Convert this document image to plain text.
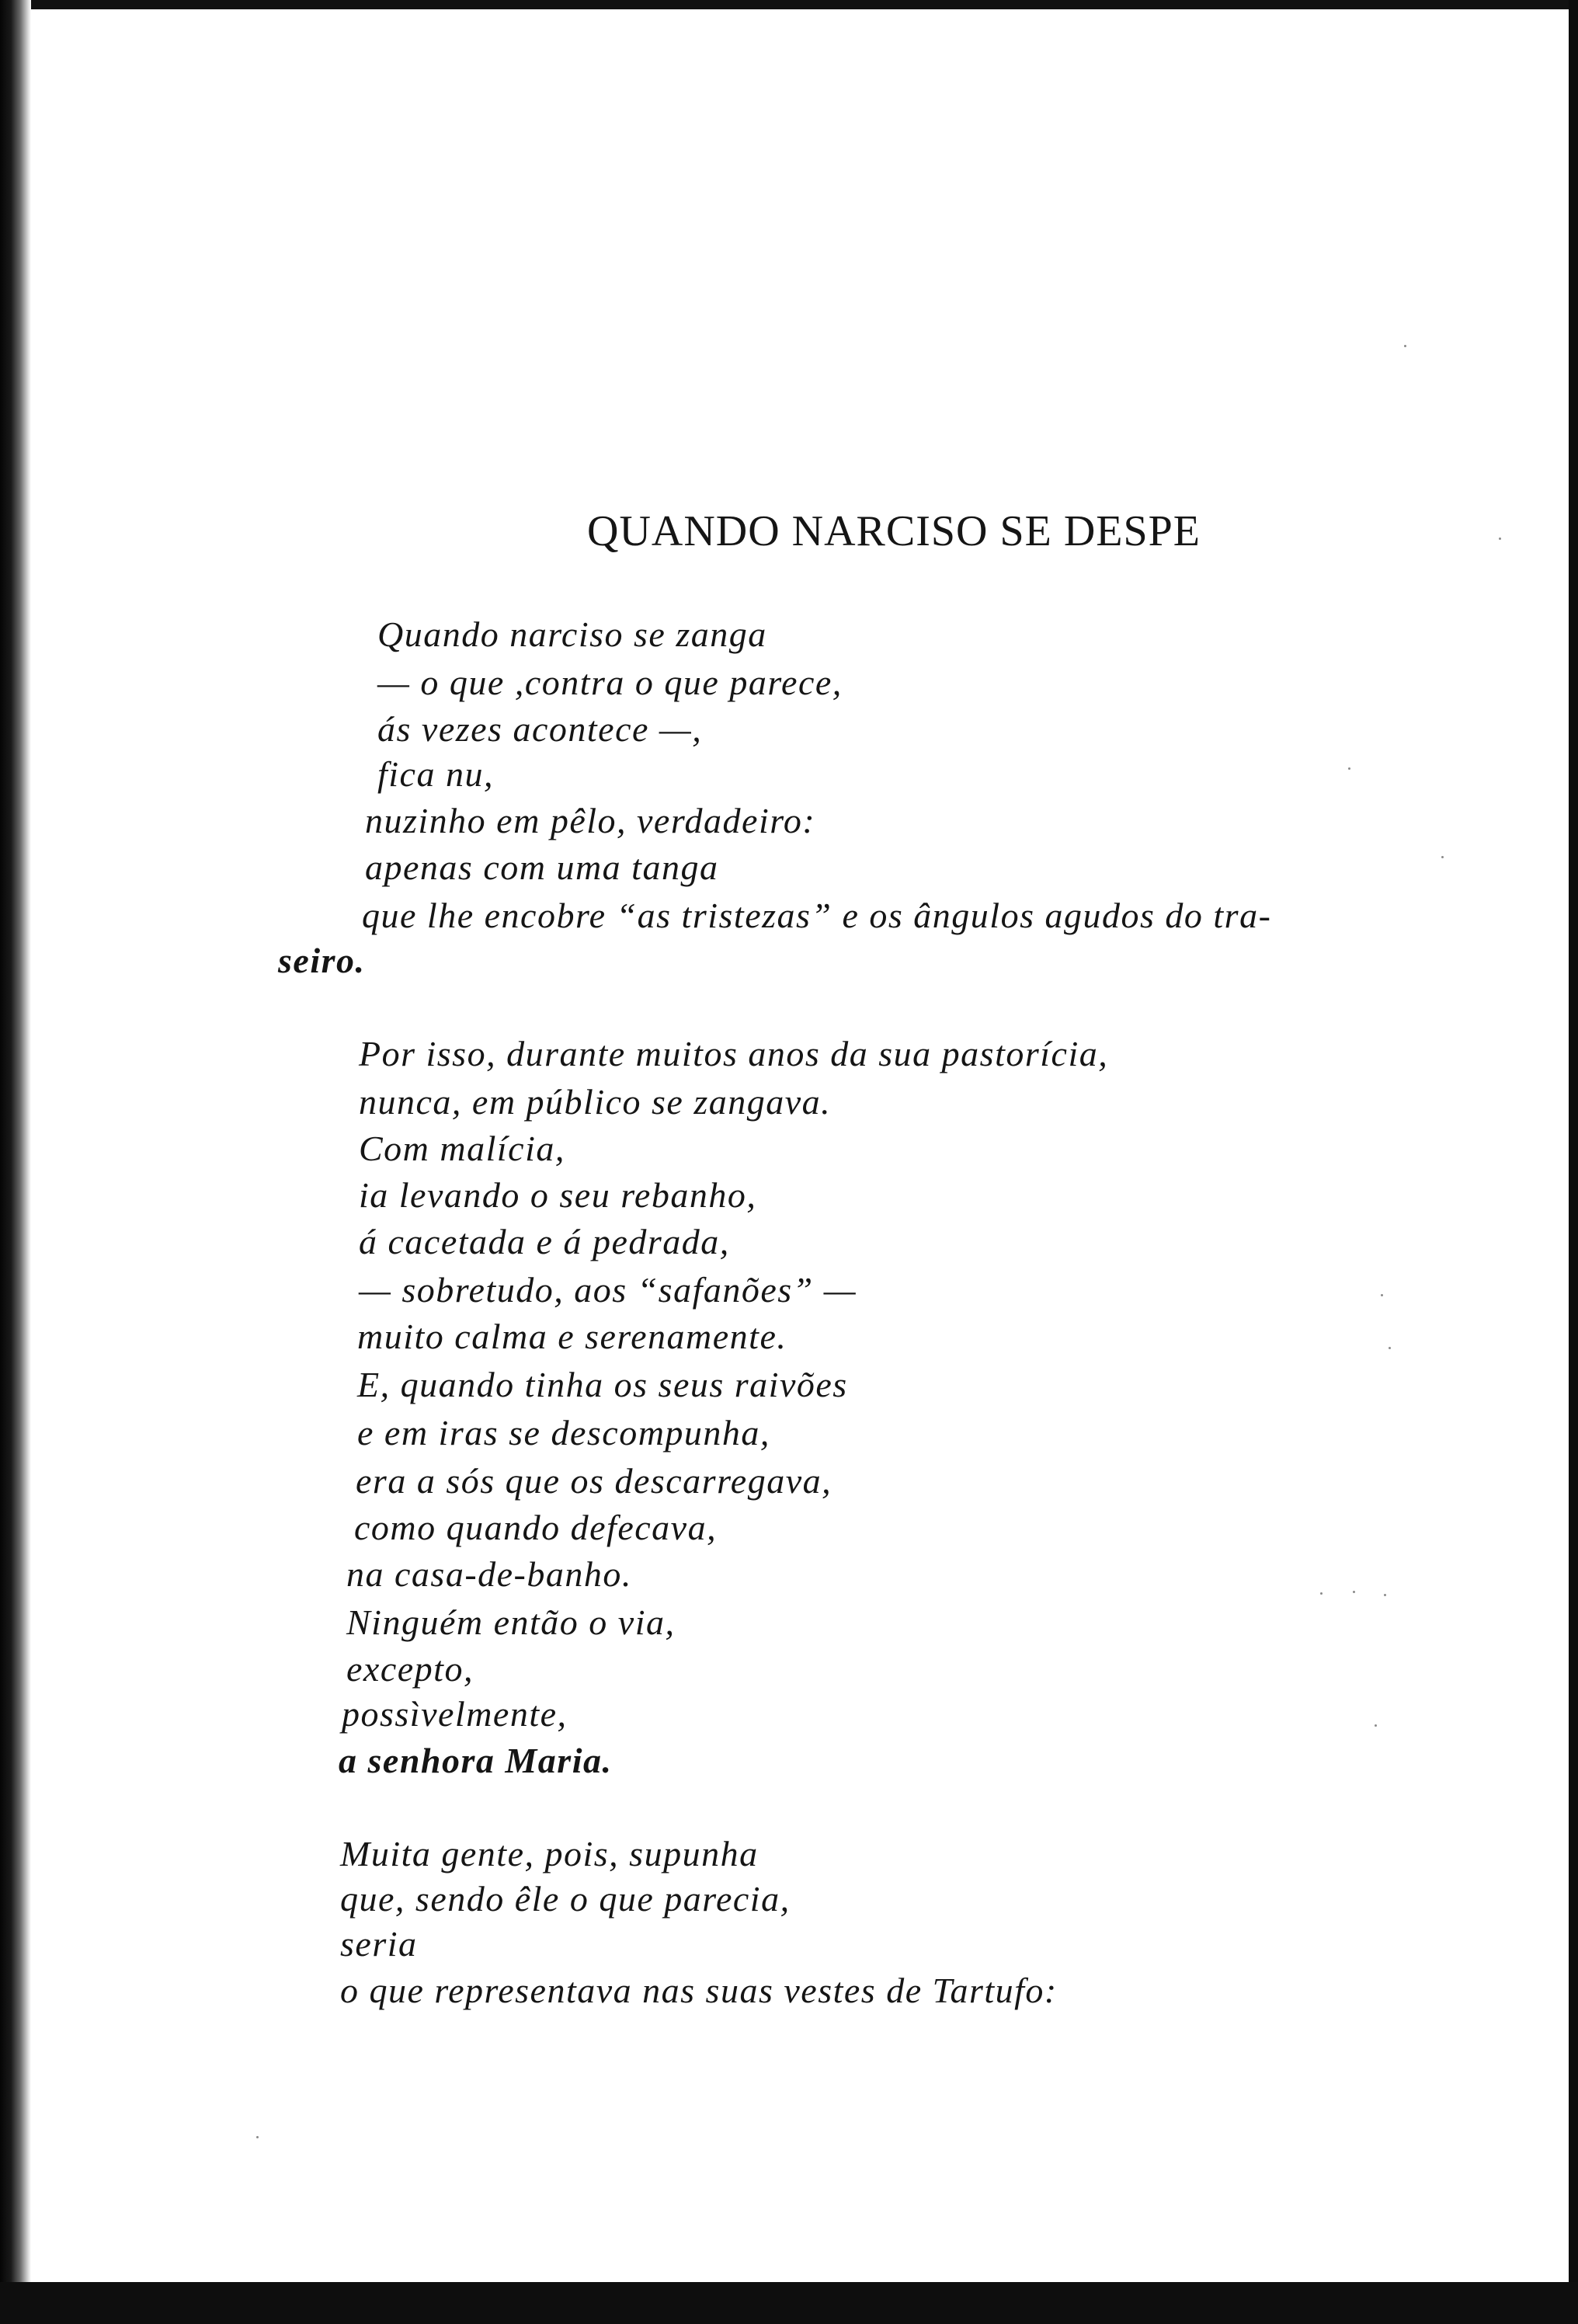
QUANDO NARCISO SE DESPE
Quando narciso se zanga
— o que ,contra o que parece,
ás vezes acontece —,
fica nu,
nuzinho em pêlo, verdadeiro:
apenas com uma tanga
que lhe encobre “as tristezas” e os ângulos agudos do tra-
seiro.
Por isso, durante muitos anos da sua pastorícia,
nunca, em público se zangava.
Com malícia,
ia levando o seu rebanho,
á cacetada e á pedrada,
— sobretudo, aos “safanões” —
muito calma e serenamente.
E, quando tinha os seus raivões
e em iras se descompunha,
era a sós que os descarregava,
como quando defecava,
na casa-de-banho.
Ninguém então o via,
excepto,
possìvelmente,
a senhora Maria.
Muita gente, pois, supunha
que, sendo êle o que parecia,
seria
o que representava nas suas vestes de Tartufo:
